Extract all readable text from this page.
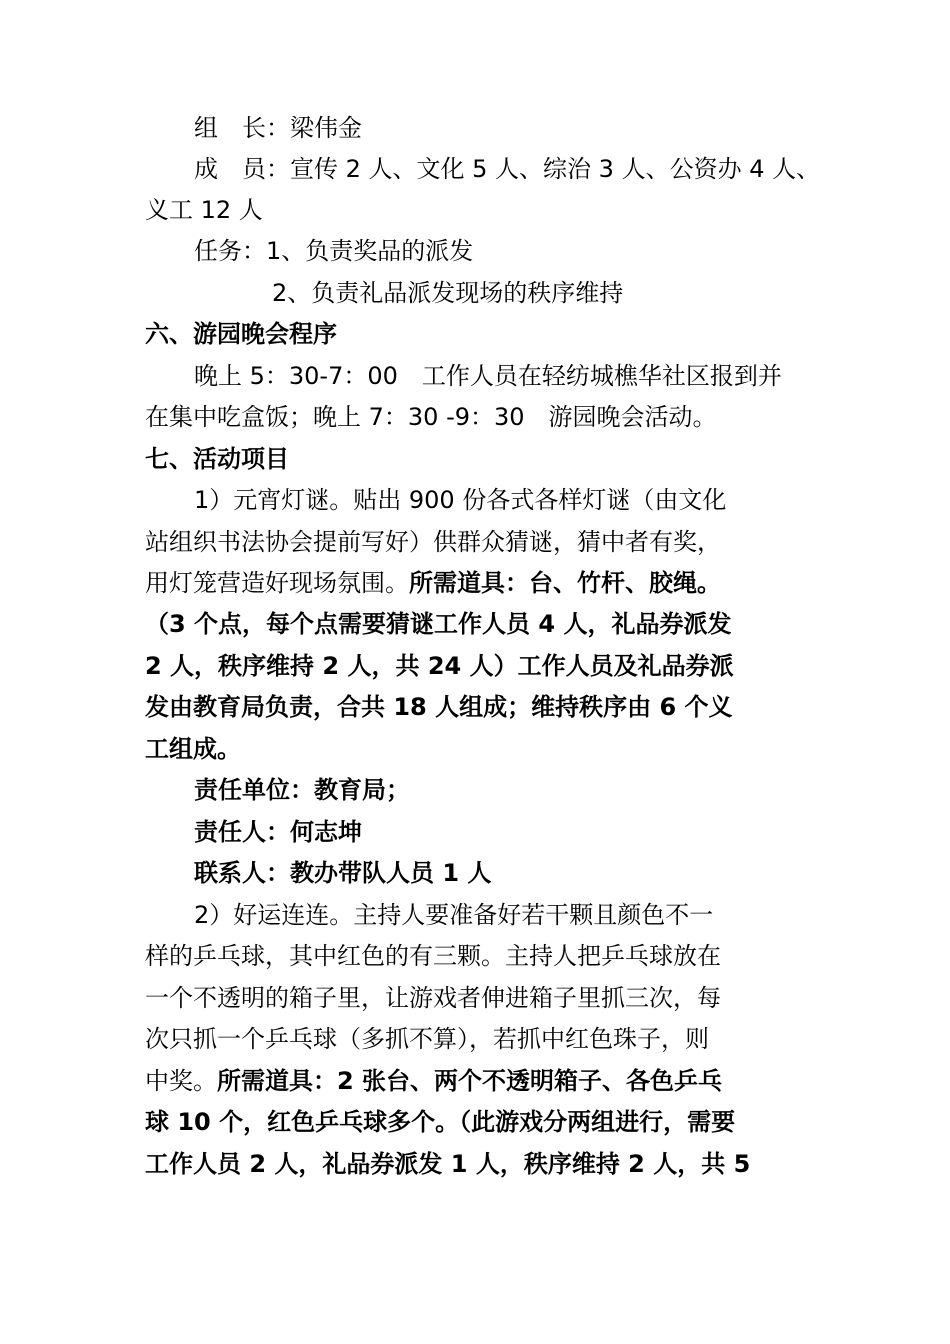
组　长：梁伟金
成　员：宣传 2 人、文化 5 人、综治 3 人、公资办 4 人、
义工 12 人
任务：1、负责奖品的派发
2、负责礼品派发现场的秩序维持
六、游园晚会程序
晚上 5：30-7：00　工作人员在轻纺城樵华社区报到并
在集中吃盒饭；晚上 7：30 -9：30　游园晚会活动。
七、活动项目
1）元宵灯谜。贴出 900 份各式各样灯谜（由文化
站组织书法协会提前写好）供群众猜谜，猜中者有奖，
用灯笼营造好现场氛围。所需道具：台、竹杆、胶绳。
（3 个点，每个点需要猜谜工作人员 4 人，礼品券派发
2 人，秩序维持 2 人，共 24 人）工作人员及礼品券派
发由教育局负责，合共 18 人组成；维持秩序由 6 个义
工组成。
责任单位：教育局；
责任人：何志坤
联系人：教办带队人员 1 人
2）好运连连。主持人要准备好若干颗且颜色不一
样的乒乓球，其中红色的有三颗。主持人把乒乓球放在
一个不透明的箱子里，让游戏者伸进箱子里抓三次，每
次只抓一个乒乓球（多抓不算），若抓中红色珠子，则
中奖。所需道具：2 张台、两个不透明箱子、各色乒乓
球 10 个，红色乒乓球多个。（此游戏分两组进行，需要
工作人员 2 人，礼品券派发 1 人，秩序维持 2 人，共 5
